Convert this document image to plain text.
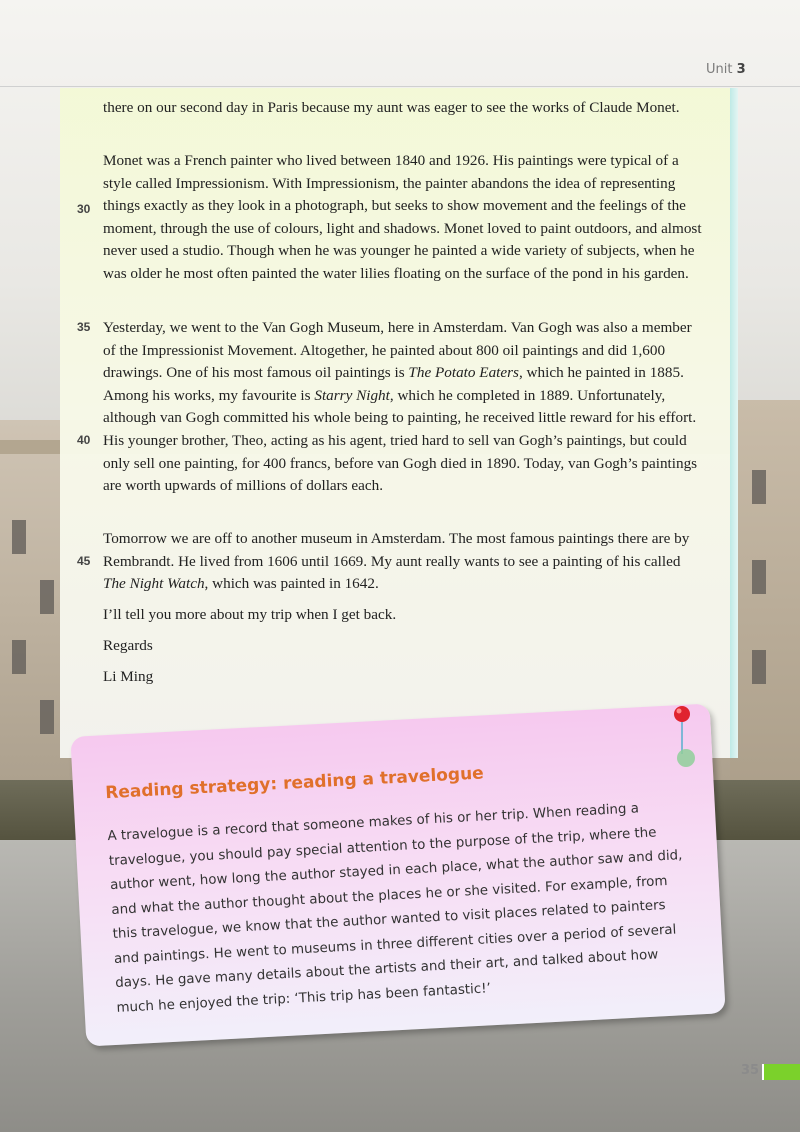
Unit 3

there on our second day in Paris because my aunt was eager to see the works of Claude Monet.

Monet was a French painter who lived between 1840 and 1926. His paintings were typical of a style called Impressionism. With Impressionism, the painter abandons the idea of representing things exactly as they look in a photograph, but seeks to show movement and the feelings of the moment, through the use of colours, light and shadows. Monet loved to paint outdoors, and almost never used a studio. Though when he was younger he painted a wide variety of subjects, when he was older he most often painted the water lilies floating on the surface of the pond in his garden.

Yesterday, we went to the Van Gogh Museum, here in Amsterdam. Van Gogh was also a member of the Impressionist Movement. Altogether, he painted about 800 oil paintings and did 1,600 drawings. One of his most famous oil paintings is The Potato Eaters, which he painted in 1885. Among his works, my favourite is Starry Night, which he completed in 1889. Unfortunately, although van Gogh committed his whole being to painting, he received little reward for his effort. His younger brother, Theo, acting as his agent, tried hard to sell van Gogh’s paintings, but could only sell one painting, for 400 francs, before van Gogh died in 1890. Today, van Gogh’s paintings are worth upwards of millions of dollars each.

Tomorrow we are off to another museum in Amsterdam. The most famous paintings there are by Rembrandt. He lived from 1606 until 1669. My aunt really wants to see a painting of his called The Night Watch, which was painted in 1642.

I’ll tell you more about my trip when I get back.

Regards

Li Ming

30
35
40
45
Reading strategy: reading a travelogue
A travelogue is a record that someone makes of his or her trip. When reading a travelogue, you should pay special attention to the purpose of the trip, where the author went, how long the author stayed in each place, what the author saw and did, and what the author thought about the places he or she visited. For example, from this travelogue, we know that the author wanted to visit places related to painters and paintings. He went to museums in three different cities over a period of several days. He gave many details about the artists and their art, and talked about how much he enjoyed the trip: ‘This trip has been fantastic!’
35
